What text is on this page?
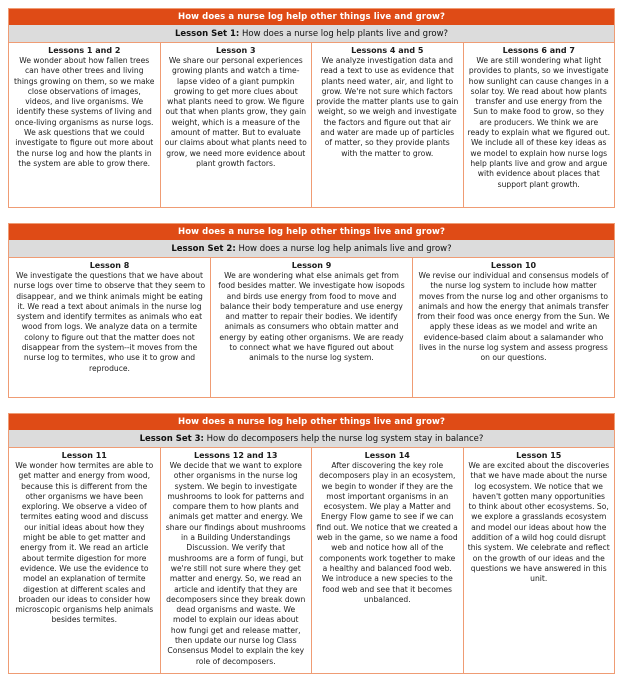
How does a nurse log help other things live and grow?
Lesson Set 1: How does a nurse log help plants live and grow?
Lessons 1 and 2
We wonder about how fallen trees can have other trees and living things growing on them, so we make close observations of images, videos, and live organisms. We identify these systems of living and once-living organisms as nurse logs. We ask questions that we could investigate to figure out more about the nurse log and how the plants in the system are able to grow there.
Lesson 3
We share our personal experiences growing plants and watch a time-lapse video of a giant pumpkin growing to get more clues about what plants need to grow. We figure out that when plants grow, they gain weight, which is a measure of the amount of matter. But to evaluate our claims about what plants need to grow, we need more evidence about plant growth factors.
Lessons 4 and 5
We analyze investigation data and read a text to use as evidence that plants need water, air, and light to grow. We're not sure which factors provide the matter plants use to gain weight, so we weigh and investigate the factors and figure out that air and water are made up of particles of matter, so they provide plants with the matter to grow.
Lessons 6 and 7
We are still wondering what light provides to plants, so we investigate how sunlight can cause changes in a solar toy. We read about how plants transfer and use energy from the Sun to make food to grow, so they are producers. We think we are ready to explain what we figured out. We include all of these key ideas as we model to explain how nurse logs help plants live and grow and argue with evidence about places that support plant growth.
How does a nurse log help other things live and grow?
Lesson Set 2: How does a nurse log help animals live and grow?
Lesson 8
We investigate the questions that we have about nurse logs over time to observe that they seem to disappear, and we think animals might be eating it. We read a text about animals in the nurse log system and identify termites as animals who eat wood from logs. We analyze data on a termite colony to figure out that the matter does not disappear from the system--it moves from the nurse log to termites, who use it to grow and reproduce.
Lesson 9
We are wondering what else animals get from food besides matter. We investigate how isopods and birds use energy from food to move and balance their body temperature and use energy and matter to repair their bodies. We identify animals as consumers who obtain matter and energy by eating other organisms. We are ready to connect what we have figured out about animals to the nurse log system.
Lesson 10
We revise our individual and consensus models of the nurse log system to include how matter moves from the nurse log and other organisms to animals and how the energy that animals transfer from their food was once energy from the Sun. We apply these ideas as we model and write an evidence-based claim about a salamander who lives in the nurse log system and assess progress on our questions.
How does a nurse log help other things live and grow?
Lesson Set 3: How do decomposers help the nurse log system stay in balance?
Lesson 11
We wonder how termites are able to get matter and energy from wood, because this is different from the other organisms we have been exploring. We observe a video of termites eating wood and discuss our initial ideas about how they might be able to get matter and energy from it. We read an article about termite digestion for more evidence. We use the evidence to model an explanation of termite digestion at different scales and broaden our ideas to consider how microscopic organisms help animals besides termites.
Lessons 12 and 13
We decide that we want to explore other organisms in the nurse log system. We begin to investigate mushrooms to look for patterns and compare them to how plants and animals get matter and energy. We share our findings about mushrooms in a Building Understandings Discussion. We verify that mushrooms are a form of fungi, but we're still not sure where they get matter and energy. So, we read an article and identify that they are decomposers since they break down dead organisms and waste. We model to explain our ideas about how fungi get and release matter, then update our nurse log Class Consensus Model to explain the key role of decomposers.
Lesson 14
After discovering the key role decomposers play in an ecosystem, we begin to wonder if they are the most important organisms in an ecosystem. We play a Matter and Energy Flow game to see if we can find out. We notice that we created a web in the game, so we name a food web and notice how all of the components work together to make a healthy and balanced food web. We introduce a new species to the food web and see that it becomes unbalanced.
Lesson 15
We are excited about the discoveries that we have made about the nurse log ecosystem. We notice that we haven't gotten many opportunities to think about other ecosystems. So, we explore a grasslands ecosystem and model our ideas about how the addition of a wild hog could disrupt this system. We celebrate and reflect on the growth of our ideas and the questions we have answered in this unit.
